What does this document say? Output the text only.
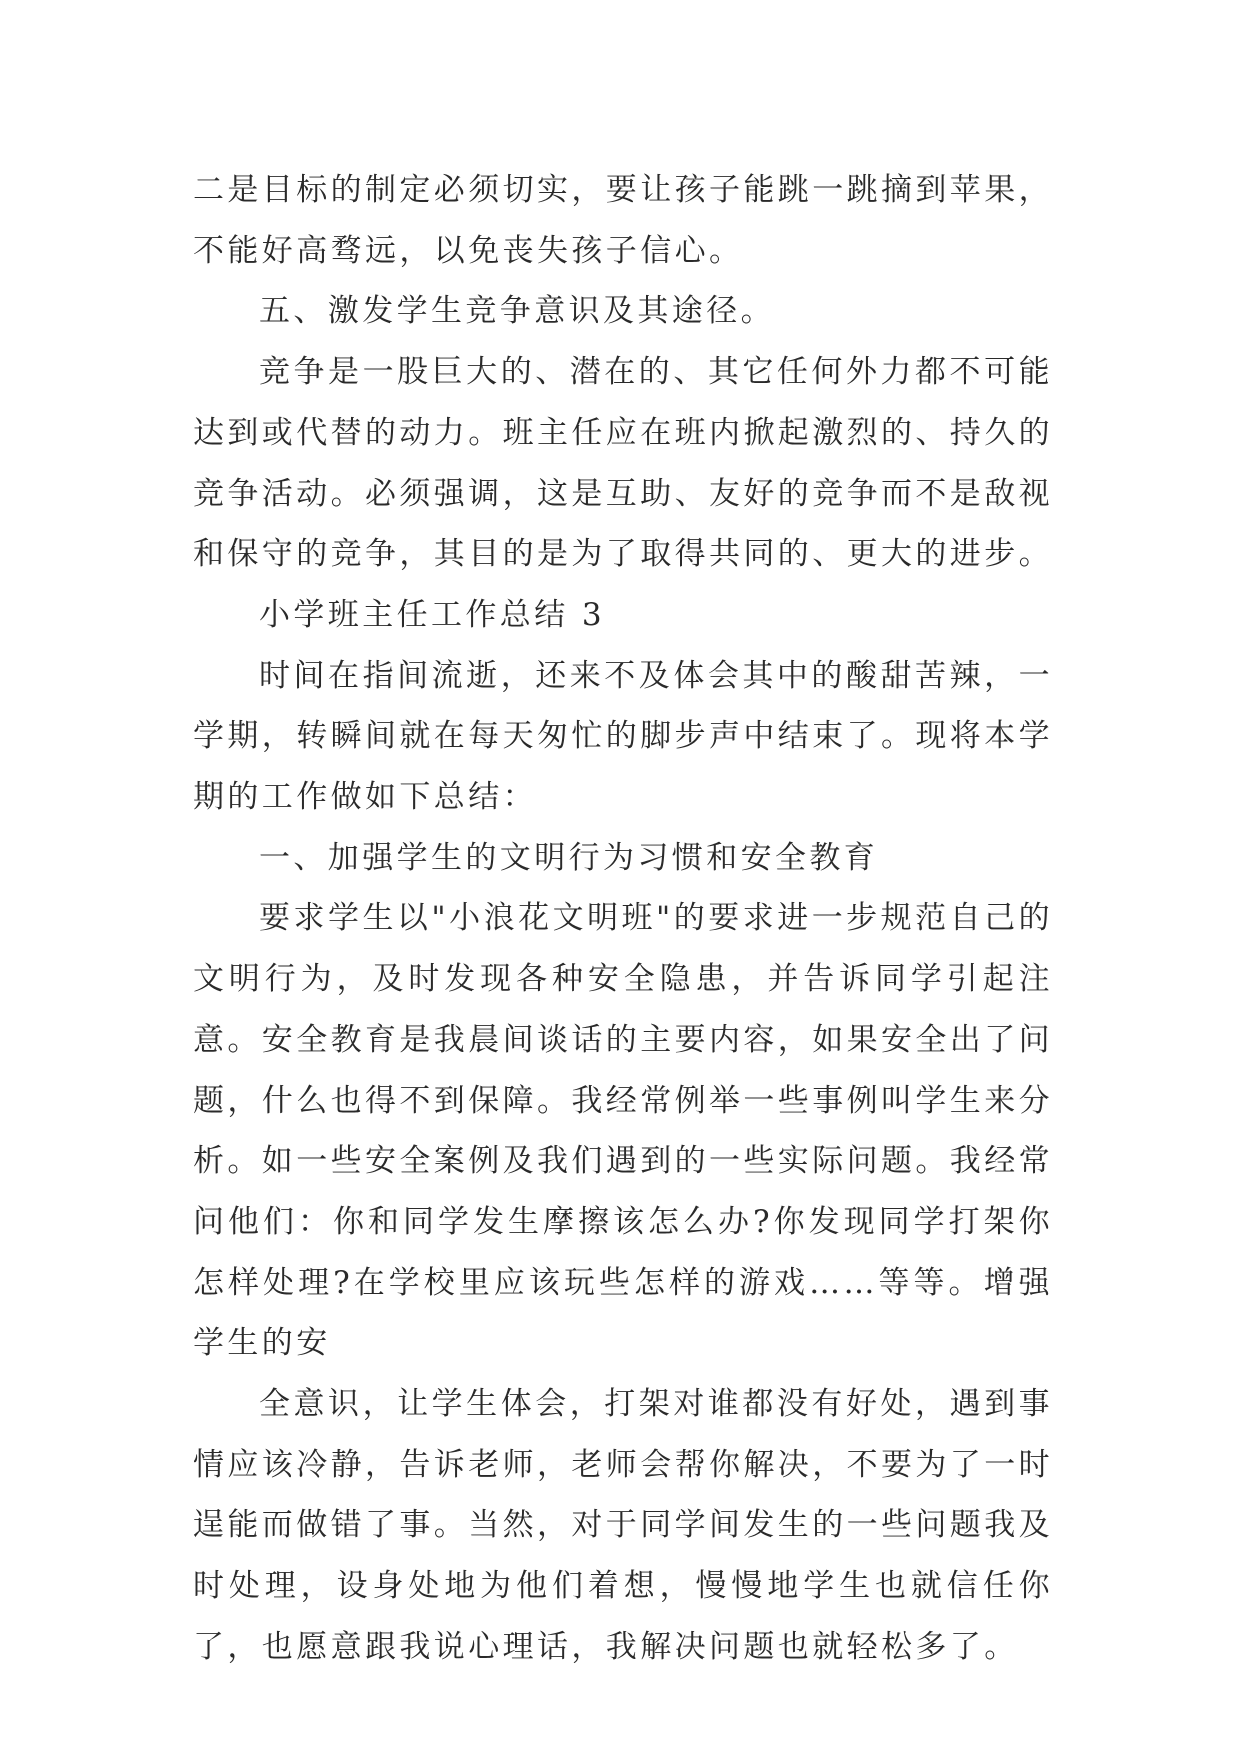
二是目标的制定必须切实，要让孩子能跳一跳摘到苹果，不能好高骛远，以免丧失孩子信心。

五、激发学生竞争意识及其途径。

竞争是一股巨大的、潜在的、其它任何外力都不可能达到或代替的动力。班主任应在班内掀起激烈的、持久的竞争活动。必须强调，这是互助、友好的竞争而不是敌视 和保守的竞争，其目的是为了取得共同的、更大的进步。

小学班主任工作总结 3

时间在指间流逝，还来不及体会其中的酸甜苦辣，一学期，转瞬间就在每天匆忙的脚步声中结束了。现将本学期的工作做如下总结：

一、加强学生的文明行为习惯和安全教育

要求学生以"小浪花文明班"的要求进一步规范自己的文明行为，及时发现各种安全隐患，并告诉同学引起注意。安全教育是我晨间谈话的主要内容，如果安全出了问题，什么也得不到保障。我经常例举一些事例叫学生来分析。如一些安全案例及我们遇到的一些实际问题。我经常问他们：你和同学发生摩擦该怎么办?你发现同学打架你怎样处理?在学校里应该玩些怎样的游戏……等等。增强学生的安

全意识，让学生体会，打架对谁都没有好处，遇到事情应该冷静，告诉老师，老师会帮你解决，不要为了一时逞能而做错了事。当然，对于同学间发生的一些问题我及时处理，设身处地为他们着想，慢慢地学生也就信任你了，也愿意跟我说心理话，我解决问题也就轻松多了。
